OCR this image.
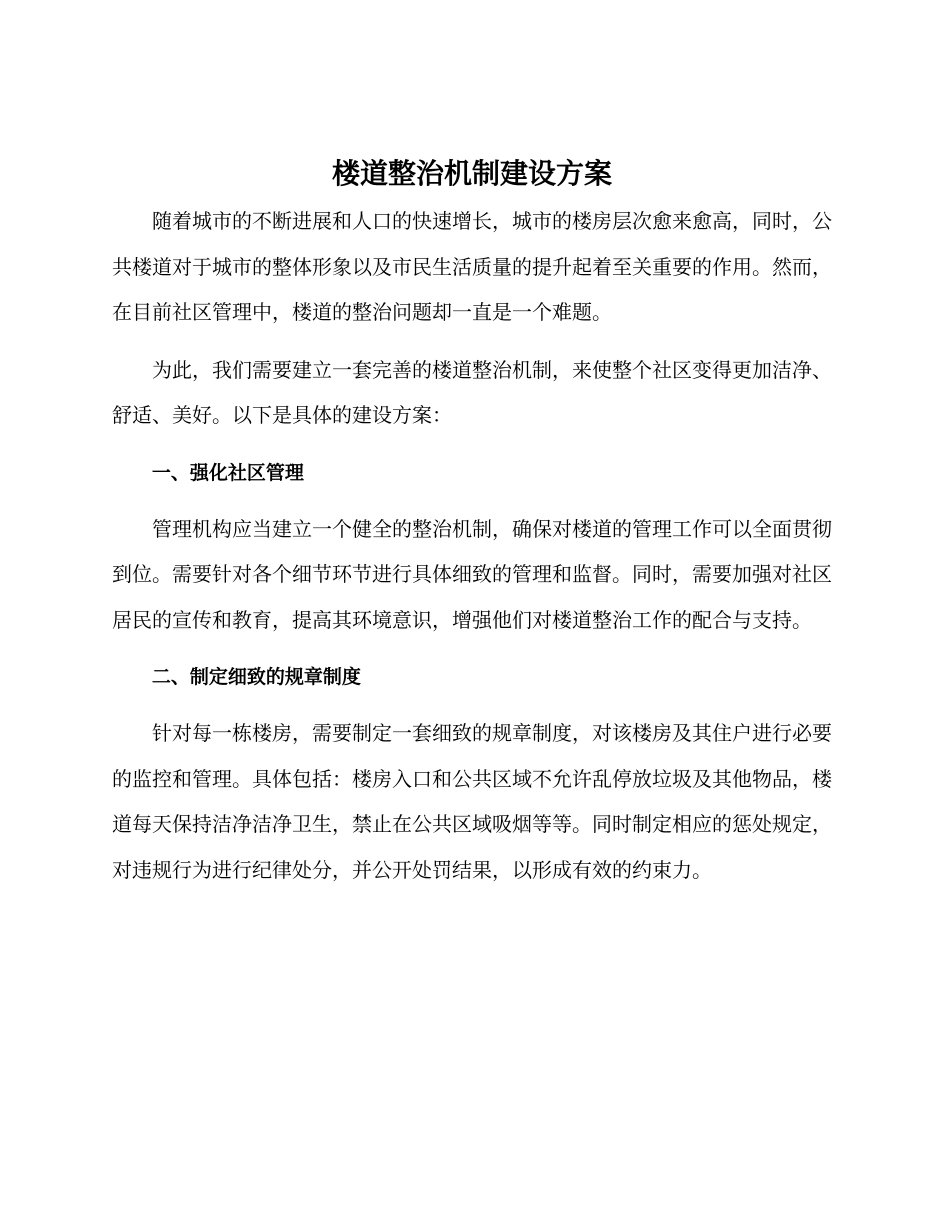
楼道整治机制建设方案

随着城市的不断进展和人口的快速增长，城市的楼房层次愈来愈高，同时，公共楼道对于城市的整体形象以及市民生活质量的提升起着至关重要的作用。然而，在目前社区管理中，楼道的整治问题却一直是一个难题。

为此，我们需要建立一套完善的楼道整治机制，来使整个社区变得更加洁净、舒适、美好。以下是具体的建设方案：

一、强化社区管理

管理机构应当建立一个健全的整治机制，确保对楼道的管理工作可以全面贯彻到位。需要针对各个细节环节进行具体细致的管理和监督。同时，需要加强对社区居民的宣传和教育，提高其环境意识，增强他们对楼道整治工作的配合与支持。

二、制定细致的规章制度

针对每一栋楼房，需要制定一套细致的规章制度，对该楼房及其住户进行必要的监控和管理。具体包括：楼房入口和公共区域不允许乱停放垃圾及其他物品，楼道每天保持洁净洁净卫生，禁止在公共区域吸烟等等。同时制定相应的惩处规定，对违规行为进行纪律处分，并公开处罚结果，以形成有效的约束力。
